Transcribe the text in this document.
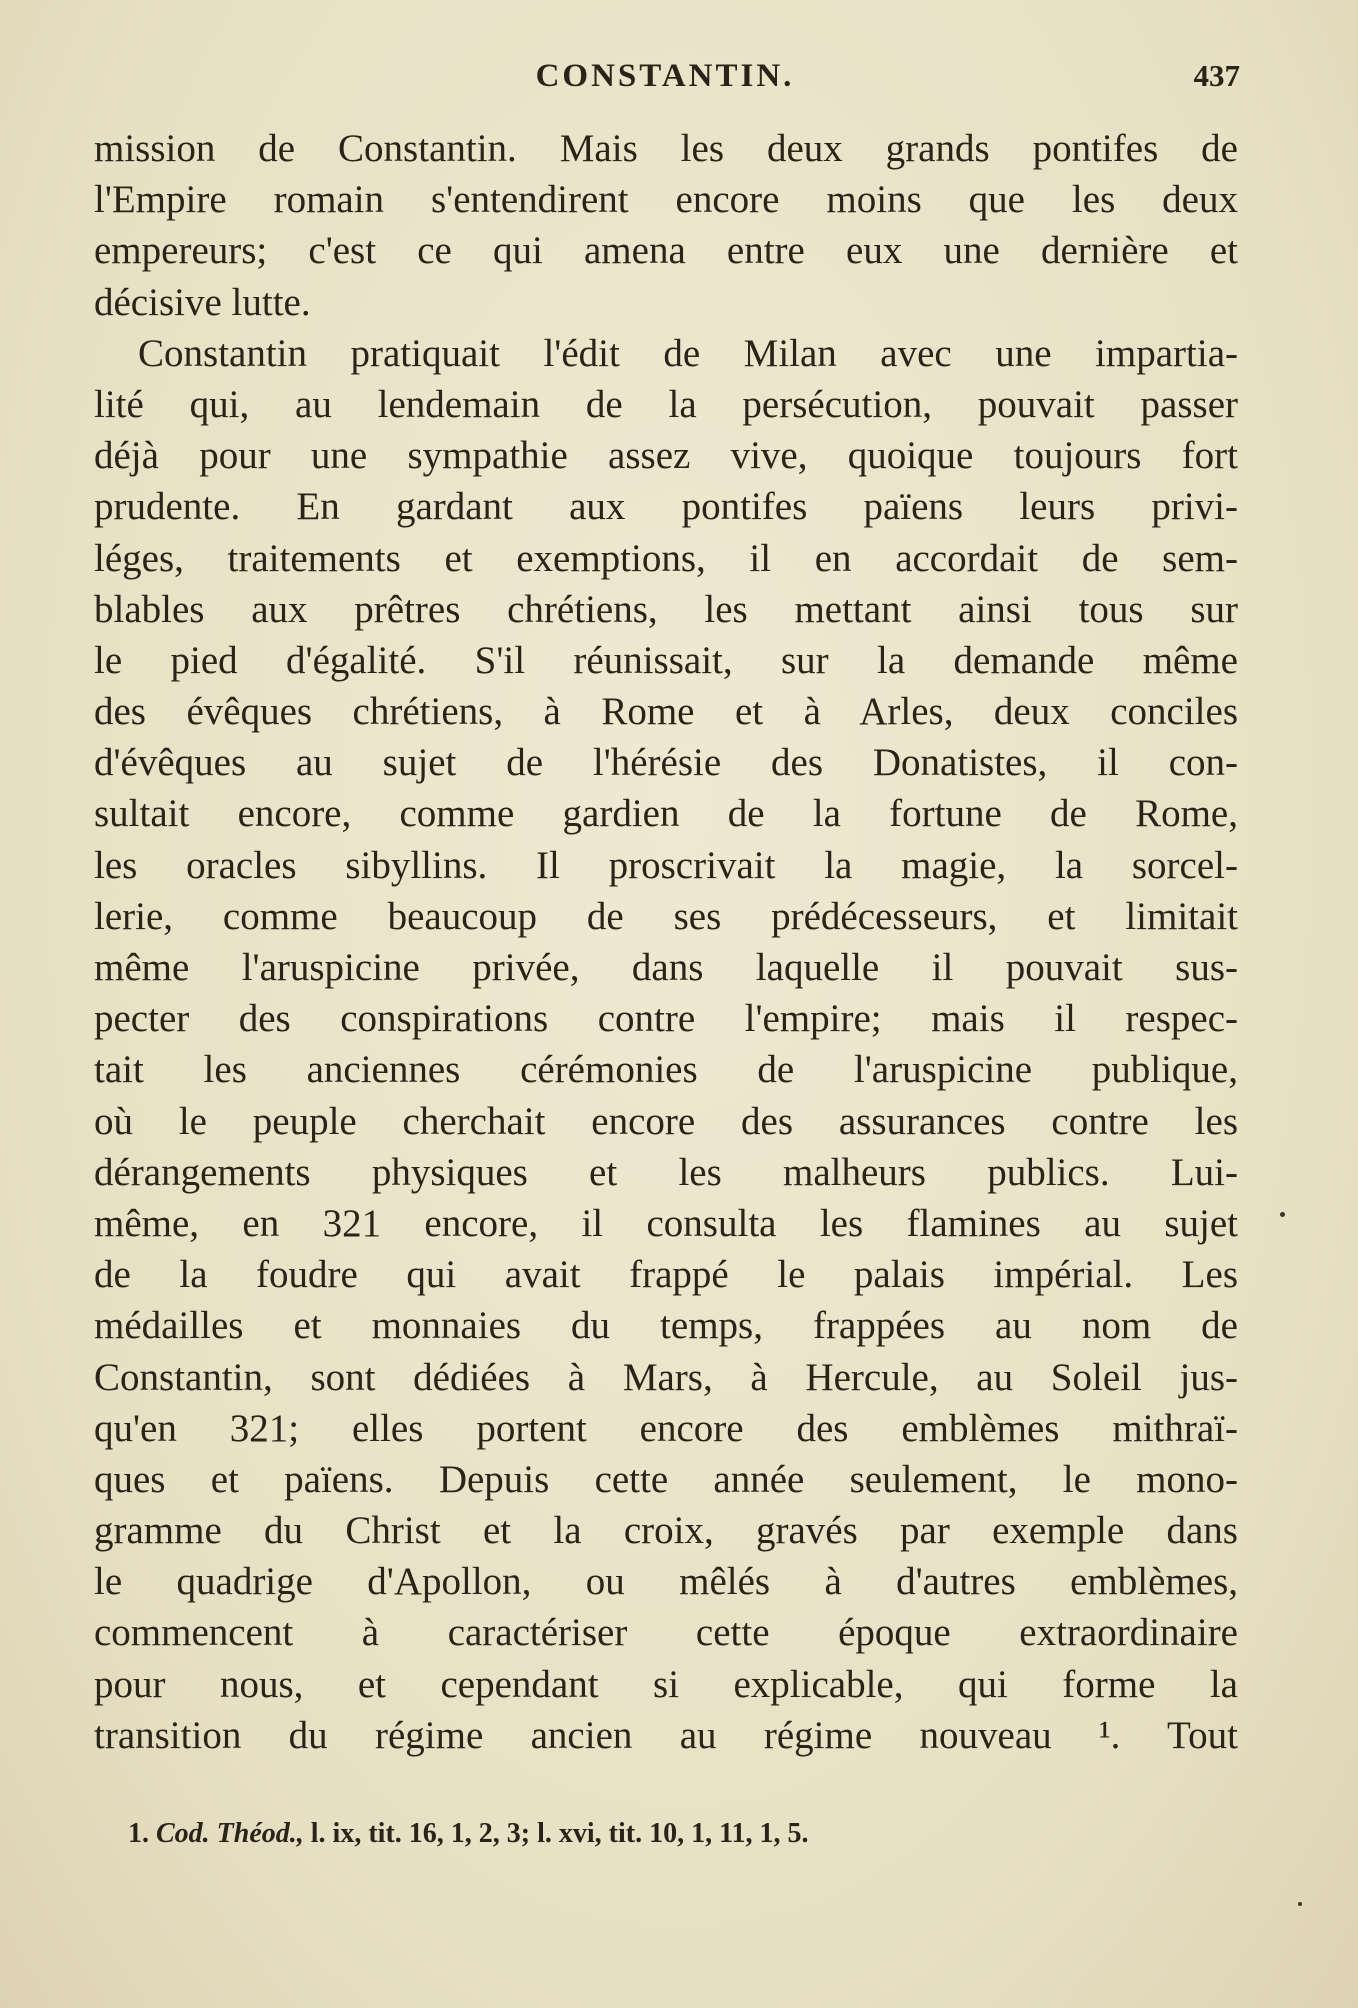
CONSTANTIN.	437
mission de Constantin. Mais les deux grands pontifes de
l'Empire romain s'entendirent encore moins que les deux
empereurs; c'est ce qui amena entre eux une dernière et
décisive lutte.
Constantin pratiquait l'édit de Milan avec une impartia-
lité qui, au lendemain de la persécution, pouvait passer
déjà pour une sympathie assez vive, quoique toujours fort
prudente. En gardant aux pontifes païens leurs privi-
léges, traitements et exemptions, il en accordait de sem-
blables aux prêtres chrétiens, les mettant ainsi tous sur
le pied d'égalité. S'il réunissait, sur la demande même
des évêques chrétiens, à Rome et à Arles, deux conciles
d'évêques au sujet de l'hérésie des Donatistes, il con-
sultait encore, comme gardien de la fortune de Rome,
les oracles sibyllins. Il proscrivait la magie, la sorcel-
lerie, comme beaucoup de ses prédécesseurs, et limitait
même l'aruspicine privée, dans laquelle il pouvait sus-
pecter des conspirations contre l'empire; mais il respec-
tait les anciennes cérémonies de l'aruspicine publique,
où le peuple cherchait encore des assurances contre les
dérangements physiques et les malheurs publics. Lui-
même, en 321 encore, il consulta les flamines au sujet
de la foudre qui avait frappé le palais impérial. Les
médailles et monnaies du temps, frappées au nom de
Constantin, sont dédiées à Mars, à Hercule, au Soleil jus-
qu'en 321; elles portent encore des emblèmes mithraï-
ques et païens. Depuis cette année seulement, le mono-
gramme du Christ et la croix, gravés par exemple dans
le quadrige d'Apollon, ou mêlés à d'autres emblèmes,
commencent à caractériser cette époque extraordinaire
pour nous, et cependant si explicable, qui forme la
transition du régime ancien au régime nouveau ¹. Tout
1. Cod. Théod., l. ix, tit. 16, 1, 2, 3; l. xvi, tit. 10, 1, 11, 1, 5.
